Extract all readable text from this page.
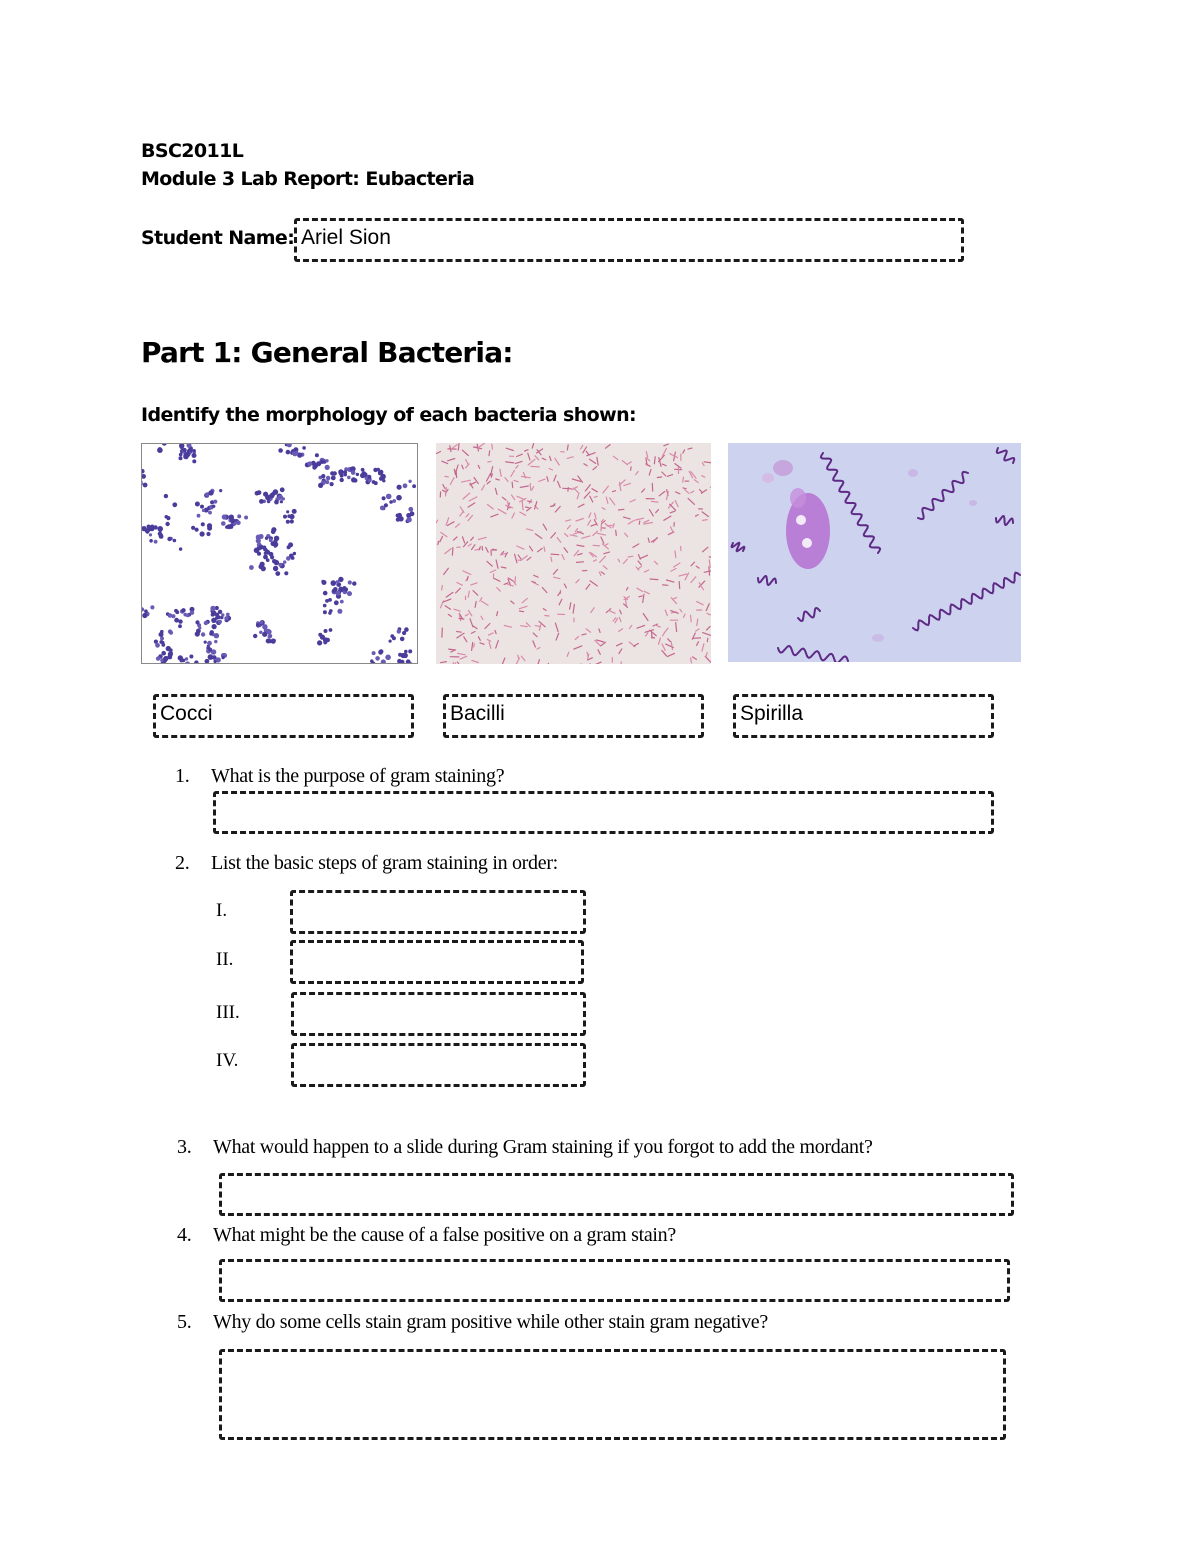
BSC2011L
Module 3 Lab Report: Eubacteria
Student Name: Ariel Sion
Part 1: General Bacteria:
Identify the morphology of each bacteria shown:
Cocci	Bacilli	Spirilla
1. What is the purpose of gram staining?
2. List the basic steps of gram staining in order:
I.
II.
III.
IV.
3. What would happen to a slide during Gram staining if you forgot to add the mordant?
4. What might be the cause of a false positive on a gram stain?
5. Why do some cells stain gram positive while other stain gram negative?
